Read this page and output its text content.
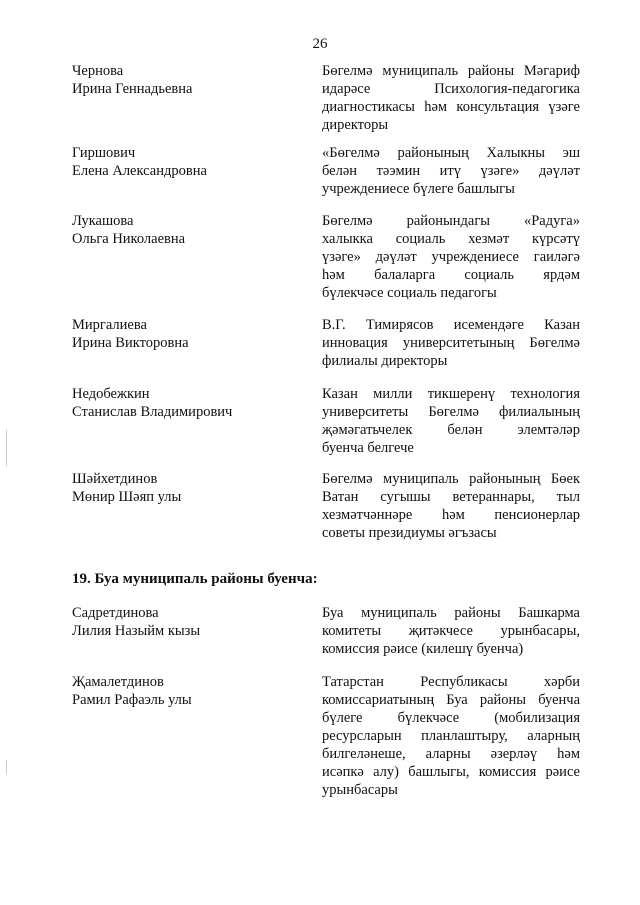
26
Чернова
Ирина Геннадьевна
Бөгелмә муниципаль районы Мәгариф
идарәсе Психология-педагогика
диагностикасы һәм консультация үзәге
директоры
Гиршович
Елена Александровна
«Бөгелмә районының Халыкны эш
белән тәэмин итү үзәге» дәүләт
учреждениесе бүлеге башлыгы
Лукашова
Ольга Николаевна
Бөгелмә районындагы «Радуга»
халыкка социаль хезмәт күрсәтү
үзәге» дәүләт учреждениесе гаиләгә
һәм балаларга социаль ярдәм
бүлекчәсе социаль педагогы
Миргалиева
Ирина Викторовна
В.Г. Тимирясов исемендәге Казан
инновация университетының Бөгелмә
филиалы директоры
Недобежкин
Станислав Владимирович
Казан милли тикшеренү технология
университеты Бөгелмә филиалының
җәмәгатьчелек белән элемтәләр
буенча белгече
Шәйхетдинов
Мөнир Шәяп улы
Бөгелмә муниципаль районының Бөек
Ватан сугышы ветераннары, тыл
хезмәтчәннәре һәм пенсионерлар
советы президиумы әгъзасы
19. Буа муниципаль районы буенча:
Садретдинова
Лилия Назыйм кызы
Буа муниципаль районы Башкарма
комитеты җитәкчесе урынбасары,
комиссия рәисе (килешү буенча)
Җамалетдинов
Рамил Рафаэль улы
Татарстан Республикасы хәрби
комиссариатының Буа районы буенча
бүлеге бүлекчәсе (мобилизация
ресурсларын планлаштыру, аларның
билгеләнеше, аларны әзерләү һәм
исәпкә алу) башлыгы, комиссия рәисе
урынбасары
